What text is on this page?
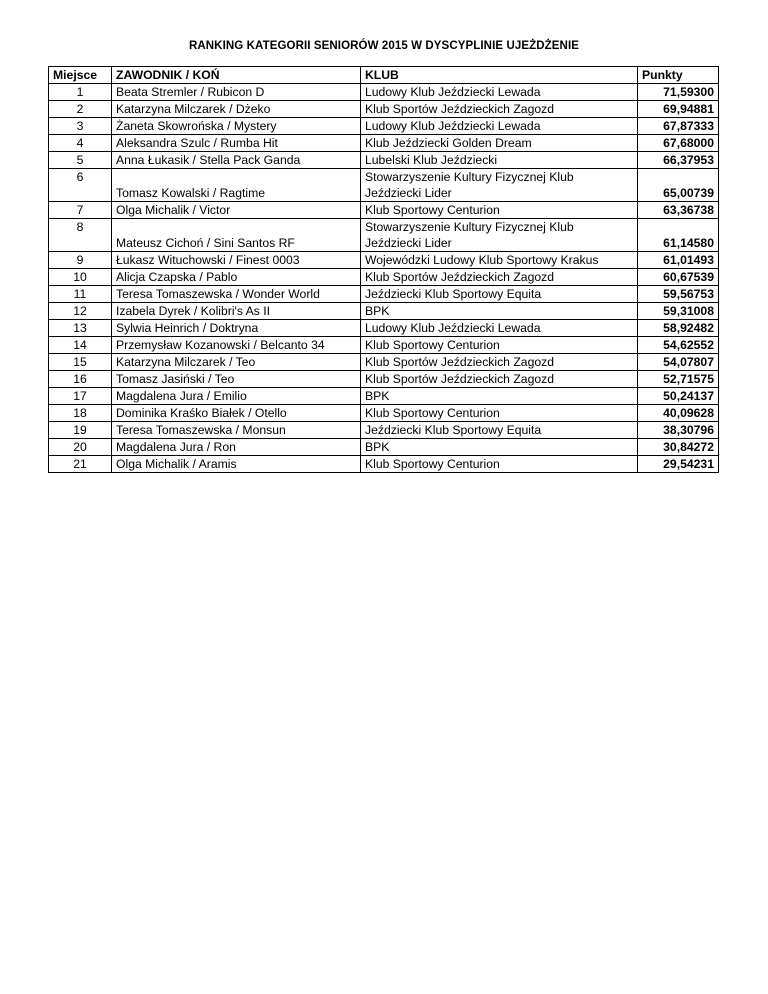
RANKING KATEGORII SENIORÓW 2015 W DYSCYPLINIE UJEŻDŻENIE
Miejsce	ZAWODNIK / KOŃ	KLUB	Punkty
1	Beata Stremler / Rubicon D	Ludowy Klub Jeździecki Lewada	71,59300
2	Katarzyna Milczarek / Dżeko	Klub Sportów Jeździeckich Zagozd	69,94881
3	Żaneta Skowrońska / Mystery	Ludowy Klub Jeździecki Lewada	67,87333
4	Aleksandra Szulc / Rumba Hit	Klub Jeździecki Golden Dream	67,68000
5	Anna Łukasik / Stella Pack Ganda	Lubelski Klub Jeździecki	66,37953
6	Tomasz Kowalski / Ragtime	Stowarzyszenie Kultury Fizycznej Klub Jeździecki Lider	65,00739
7	Olga Michalik / Victor	Klub Sportowy Centurion	63,36738
8	Mateusz Cichoń / Sini Santos RF	Stowarzyszenie Kultury Fizycznej Klub Jeździecki Lider	61,14580
9	Łukasz Wituchowski / Finest 0003	Wojewódzki Ludowy Klub Sportowy Krakus	61,01493
10	Alicja Czapska / Pablo	Klub Sportów Jeździeckich Zagozd	60,67539
11	Teresa Tomaszewska / Wonder World	Jeździecki Klub Sportowy Equita	59,56753
12	Izabela Dyrek / Kolibri's As II	BPK	59,31008
13	Sylwia Heinrich / Doktryna	Ludowy Klub Jeździecki Lewada	58,92482
14	Przemysław Kozanowski / Belcanto 34	Klub Sportowy Centurion	54,62552
15	Katarzyna Milczarek / Teo	Klub Sportów Jeździeckich Zagozd	54,07807
16	Tomasz Jasiński / Teo	Klub Sportów Jeździeckich Zagozd	52,71575
17	Magdalena Jura / Emilio	BPK	50,24137
18	Dominika Kraśko Białek / Otello	Klub Sportowy Centurion	40,09628
19	Teresa Tomaszewska / Monsun	Jeździecki Klub Sportowy Equita	38,30796
20	Magdalena Jura / Ron	BPK	30,84272
21	Olga Michalik / Aramis	Klub Sportowy Centurion	29,54231
